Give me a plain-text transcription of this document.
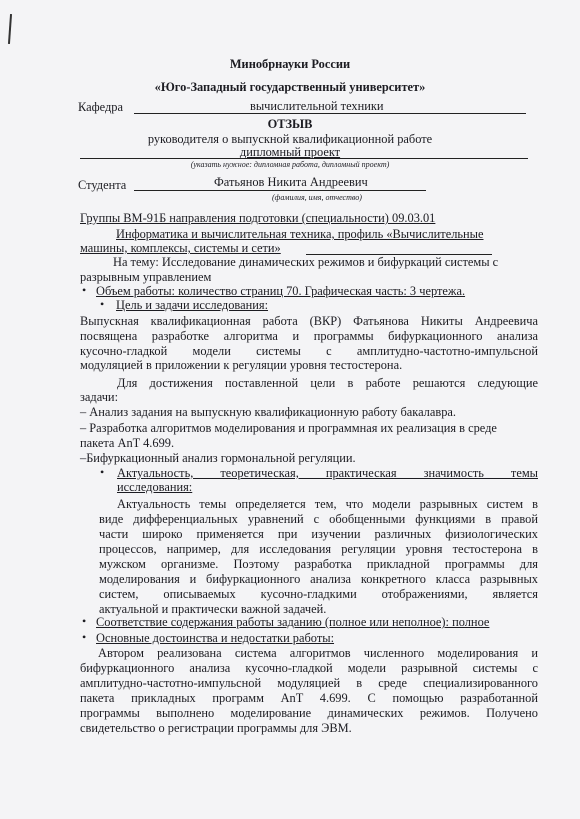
Минобрнауки России
«Юго-Западный государственный университет»
Кафедра	вычислительной техники
ОТЗЫВ
руководителя о выпускной квалификационной работе
дипломный проект
(указать нужное: дипломная работа, дипломный проект)
Студента	Фатьянов Никита Андреевич
(фамилия, имя, отчество)
Группы ВМ-91Б направления подготовки (специальности) 09.03.01
Информатика и вычислительная техника, профиль «Вычислительные
машины, комплексы, системы и сети»
На тему: Исследование динамических режимов и бифуркаций системы с
разрывным управлением
• Объем работы: количество страниц 70. Графическая часть: 3 чертежа.
• Цель и задачи исследования:
Выпускная квалификационная работа (ВКР) Фатьянова Никиты Андреевича
посвящена разработке алгоритма и программы бифуркационного анализа
кусочно-гладкой модели системы с амплитудно-частотно-импульсной
модуляцией в приложении к регуляции уровня тестостерона.
Для достижения поставленной цели в работе решаются следующие
задачи:
– Анализ задания на выпускную квалификационную работу бакалавра.
– Разработка алгоритмов моделирования и программная их реализация в среде
пакета AnT 4.699.
–Бифуркационный анализ гормональной регуляции.
• Актуальность, теоретическая, практическая значимость темы
исследования:
Актуальность темы определяется тем, что модели разрывных систем в
виде дифференциальных уравнений с обобщенными функциями в правой
части широко применяется при изучении различных физиологических
процессов, например, для исследования регуляции уровня тестостерона в
мужском организме. Поэтому разработка прикладной программы для
моделирования и бифуркационного анализа конкретного класса разрывных
систем, описываемых кусочно-гладкими отображениями, является
актуальной и практически важной задачей.
• Соответствие содержания работы заданию (полное или неполное): полное
• Основные достоинства и недостатки работы:
Автором реализована система алгоритмов численного моделирования и
бифуркационного анализа кусочно-гладкой модели разрывной системы с
амплитудно-частотно-импульсной модуляцией в среде специализированного
пакета прикладных программ AnT 4.699. С помощью разработанной
программы выполнено моделирование динамических режимов. Получено
свидетельство о регистрации программы для ЭВМ.
